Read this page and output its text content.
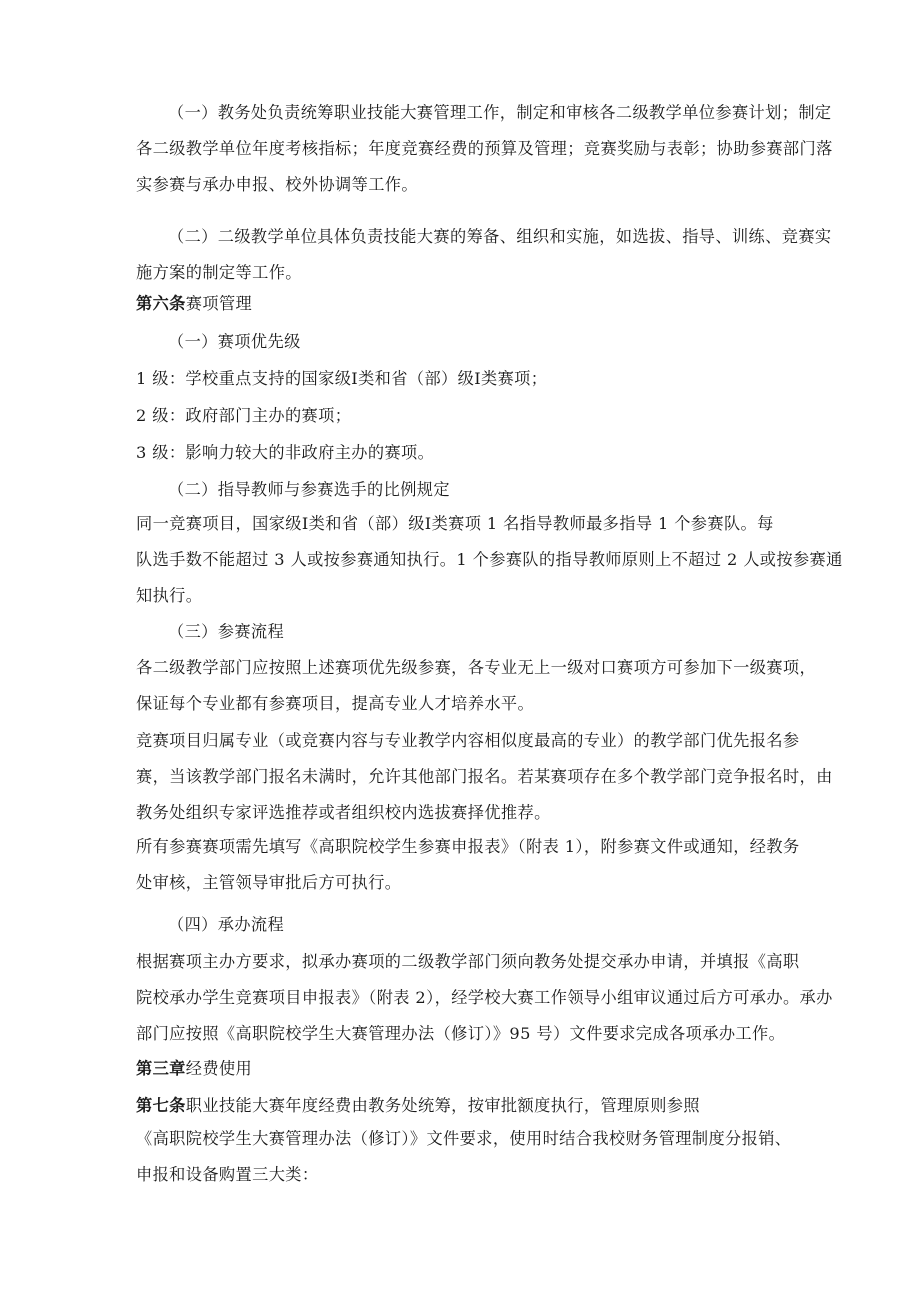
（一）教务处负责统筹职业技能大赛管理工作，制定和审核各二级教学单位参赛计划；制定
各二级教学单位年度考核指标；年度竞赛经费的预算及管理；竞赛奖励与表彰；协助参赛部门落
实参赛与承办申报、校外协调等工作。
（二）二级教学单位具体负责技能大赛的筹备、组织和实施，如选拔、指导、训练、竞赛实
施方案的制定等工作。
第六条赛项管理
（一）赛项优先级
1 级：学校重点支持的国家级Ⅰ类和省（部）级Ⅰ类赛项；
2 级：政府部门主办的赛项；
3 级：影响力较大的非政府主办的赛项。
（二）指导教师与参赛选手的比例规定
同一竞赛项目，国家级Ⅰ类和省（部）级Ⅰ类赛项 1 名指导教师最多指导 1 个参赛队。每
队选手数不能超过 3 人或按参赛通知执行。1 个参赛队的指导教师原则上不超过 2 人或按参赛通
知执行。
（三）参赛流程
各二级教学部门应按照上述赛项优先级参赛，各专业无上一级对口赛项方可参加下一级赛项，
保证每个专业都有参赛项目，提高专业人才培养水平。
竞赛项目归属专业（或竞赛内容与专业教学内容相似度最高的专业）的教学部门优先报名参
赛，当该教学部门报名未满时，允许其他部门报名。若某赛项存在多个教学部门竞争报名时，由
教务处组织专家评选推荐或者组织校内选拔赛择优推荐。
所有参赛赛项需先填写《高职院校学生参赛申报表》（附表 1），附参赛文件或通知，经教务
处审核，主管领导审批后方可执行。
（四）承办流程
根据赛项主办方要求，拟承办赛项的二级教学部门须向教务处提交承办申请，并填报《高职
院校承办学生竞赛项目申报表》（附表 2），经学校大赛工作领导小组审议通过后方可承办。承办
部门应按照《高职院校学生大赛管理办法（修订）》95 号）文件要求完成各项承办工作。
第三章经费使用
第七条职业技能大赛年度经费由教务处统筹，按审批额度执行，管理原则参照
《高职院校学生大赛管理办法（修订）》文件要求，使用时结合我校财务管理制度分报销、
申报和设备购置三大类：
